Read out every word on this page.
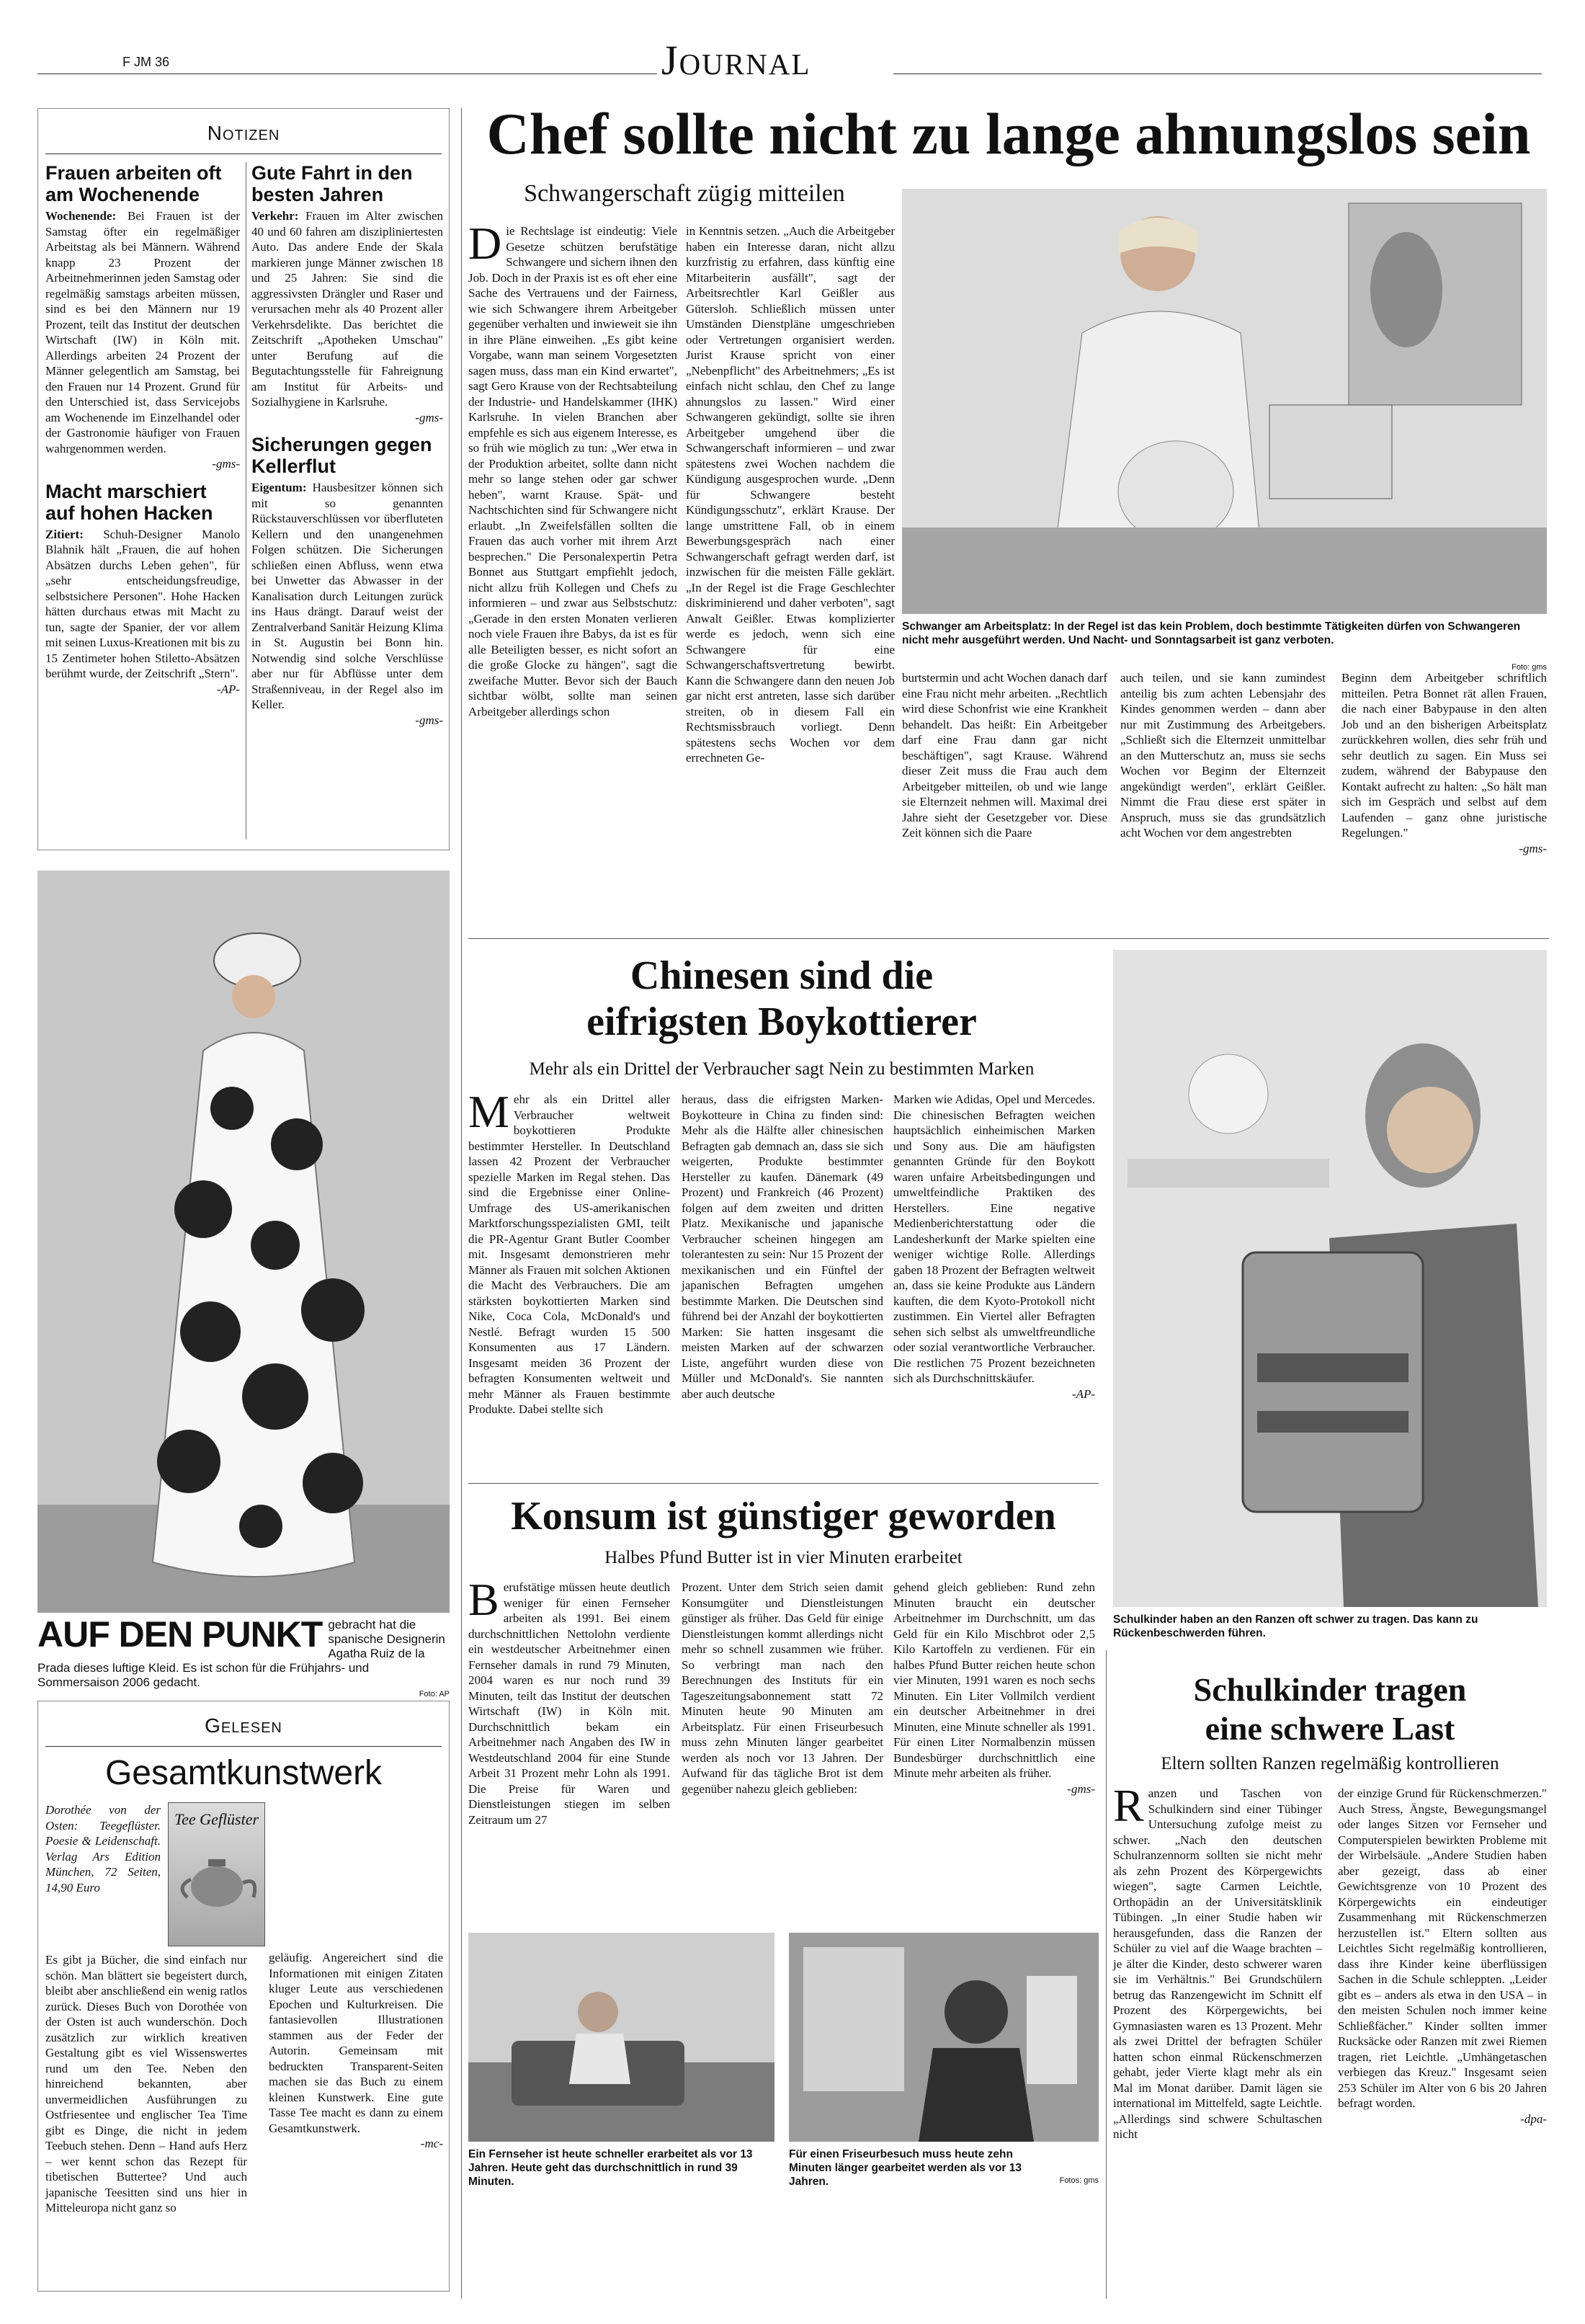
F JM 36	Journal
Notizen
Frauen arbeiten oft am Wochenende

Wochenende: Bei Frauen ist der Samstag öfter ein regelmäßiger Arbeitstag als bei Männern. Während knapp 23 Prozent der Arbeitnehmerinnen jeden Samstag oder regelmäßig samstags arbeiten müssen, sind es bei den Männern nur 19 Prozent, teilt das Institut der deutschen Wirtschaft (IW) in Köln mit. Allerdings arbeiten 24 Prozent der Männer gelegentlich am Samstag, bei den Frauen nur 14 Prozent. Grund für den Unterschied ist, dass Servicejobs am Wochenende im Einzelhandel oder der Gastronomie häufiger von Frauen wahrgenommen werden.

-gms-
Macht marschiert auf hohen Hacken

Zitiert: Schuh-Designer Manolo Blahnik hält „Frauen, die auf hohen Absätzen durchs Leben gehen", für „sehr entscheidungsfreudige, selbstsichere Personen". Hohe Hacken hätten durchaus etwas mit Macht zu tun, sagte der Spanier, der vor allem mit seinen Luxus-Kreationen mit bis zu 15 Zentimeter hohen Stiletto-Absätzen berühmt wurde, der Zeitschrift „Stern".

-AP-
Gute Fahrt in den besten Jahren

Verkehr: Frauen im Alter zwischen 40 und 60 fahren am diszipliniertesten Auto. Das andere Ende der Skala markieren junge Männer zwischen 18 und 25 Jahren: Sie sind die aggressivsten Drängler und Raser und verursachen mehr als 40 Prozent aller Verkehrsdelikte. Das berichtet die Zeitschrift „Apotheken Umschau" unter Berufung auf die Begutachtungsstelle für Fahreignung am Institut für Arbeits- und Sozialhygiene in Karlsruhe.

-gms-
Sicherungen gegen Kellerflut

Eigentum: Hausbesitzer können sich mit so genannten Rückstauverschlüssen vor überfluteten Kellern und den unangenehmen Folgen schützen. Die Sicherungen schließen einen Abfluss, wenn etwa bei Unwetter das Abwasser in der Kanalisation durch Leitungen zurück ins Haus drängt. Darauf weist der Zentralverband Sanitär Heizung Klima in St. Augustin bei Bonn hin. Notwendig sind solche Verschlüsse aber nur für Abflüsse unter dem Straßenniveau, in der Regel also im Keller.

-gms-
AUF DEN PUNKT gebracht hat die spanische Designerin Agatha Ruiz de la Prada dieses luftige Kleid. Es ist schon für die Frühjahrs- und Sommersaison 2006 gedacht.
Foto: AP
Gelesen
Gesamtkunstwerk

Dorothée von der Osten: Teegeflüster. Poesie & Leidenschaft. Verlag Ars Edition München, 72 Seiten, 14,90 Euro

Tee Geflüster

Es gibt ja Bücher, die sind einfach nur schön. Man blättert sie begeistert durch, bleibt aber anschließend ein wenig ratlos zurück. Dieses Buch von Dorothée von der Osten ist auch wunderschön. Doch zusätzlich zur wirklich kreativen Gestaltung gibt es viel Wissenswertes rund um den Tee. Neben den hinreichend bekannten, aber unvermeidlichen Ausführungen zu Ostfriesentee und englischer Tea Time gibt es Dinge, die nicht in jedem Teebuch stehen. Denn – Hand aufs Herz – wer kennt schon das Rezept für tibetischen Buttertee? Und auch japanische Teesitten sind uns hier in Mitteleuropa nicht ganz so

geläufig. Angereichert sind die Informationen mit einigen Zitaten kluger Leute aus verschiedenen Epochen und Kulturkreisen. Die fantasievollen Illustrationen stammen aus der Feder der Autorin. Gemeinsam mit bedruckten Transparent-Seiten machen sie das Buch zu einem kleinen Kunstwerk. Eine gute Tasse Tee macht es dann zu einem Gesamtkunstwerk.

-mc-
Chef sollte nicht zu lange ahnungslos sein
Schwangerschaft zügig mitteilen

Die Rechtslage ist eindeutig: Viele Gesetze schützen berufstätige Schwangere und sichern ihnen den Job. Doch in der Praxis ist es oft eher eine Sache des Vertrauens und der Fairness, wie sich Schwangere ihrem Arbeitgeber gegenüber verhalten und inwieweit sie ihn in ihre Pläne einweihen. „Es gibt keine Vorgabe, wann man seinem Vorgesetzten sagen muss, dass man ein Kind erwartet", sagt Gero Krause von der Rechtsabteilung der Industrie- und Handelskammer (IHK) Karlsruhe. In vielen Branchen aber empfehle es sich aus eigenem Interesse, es so früh wie möglich zu tun: „Wer etwa in der Produktion arbeitet, sollte dann nicht mehr so lange stehen oder gar schwer heben", warnt Krause. Spät- und Nachtschichten sind für Schwangere nicht erlaubt. „In Zweifelsfällen sollten die Frauen das auch vorher mit ihrem Arzt besprechen." Die Personalexpertin Petra Bonnet aus Stuttgart empfiehlt jedoch, nicht allzu früh Kollegen und Chefs zu informieren – und zwar aus Selbstschutz: „Gerade in den ersten Monaten verlieren noch viele Frauen ihre Babys, da ist es für alle Beteiligten besser, es nicht sofort an die große Glocke zu hängen", sagt die zweifache Mutter. Bevor sich der Bauch sichtbar wölbt, sollte man seinen Arbeitgeber allerdings schon

in Kenntnis setzen. „Auch die Arbeitgeber haben ein Interesse daran, nicht allzu kurzfristig zu erfahren, dass künftig eine Mitarbeiterin ausfällt", sagt der Arbeitsrechtler Karl Geißler aus Gütersloh. Schließlich müssen unter Umständen Dienstpläne umgeschrieben oder Vertretungen organisiert werden. Jurist Krause spricht von einer „Nebenpflicht" des Arbeitnehmers; „Es ist einfach nicht schlau, den Chef zu lange ahnungslos zu lassen." Wird einer Schwangeren gekündigt, sollte sie ihren Arbeitgeber umgehend über die Schwangerschaft informieren – und zwar spätestens zwei Wochen nachdem die Kündigung ausgesprochen wurde. „Denn für Schwangere besteht Kündigungsschutz", erklärt Krause. Der lange umstrittene Fall, ob in einem Bewerbungsgespräch nach einer Schwangerschaft gefragt werden darf, ist inzwischen für die meisten Fälle geklärt. „In der Regel ist die Frage Geschlechter diskriminierend und daher verboten", sagt Anwalt Geißler. Etwas komplizierter werde es jedoch, wenn sich eine Schwangere für eine Schwangerschaftsvertretung bewirbt. Kann die Schwangere dann den neuen Job gar nicht erst antreten, lasse sich darüber streiten, ob in diesem Fall ein Rechtsmissbrauch vorliegt. Denn spätestens sechs Wochen vor dem errechneten Ge-

Schwanger am Arbeitsplatz: In der Regel ist das kein Problem, doch bestimmte Tätigkeiten dürfen von Schwangeren nicht mehr ausgeführt werden. Und Nacht- und Sonntagsarbeit ist ganz verboten.
Foto: gms

burtstermin und acht Wochen danach darf eine Frau nicht mehr arbeiten. „Rechtlich wird diese Schonfrist wie eine Krankheit behandelt. Das heißt: Ein Arbeitgeber darf eine Frau dann gar nicht beschäftigen", sagt Krause. Während dieser Zeit muss die Frau auch dem Arbeitgeber mitteilen, ob und wie lange sie Elternzeit nehmen will. Maximal drei Jahre sieht der Gesetzgeber vor. Diese Zeit können sich die Paare

auch teilen, und sie kann zumindest anteilig bis zum achten Lebensjahr des Kindes genommen werden – dann aber nur mit Zustimmung des Arbeitgebers. „Schließt sich die Elternzeit unmittelbar an den Mutterschutz an, muss sie sechs Wochen vor Beginn der Elternzeit angekündigt werden", erklärt Geißler. Nimmt die Frau diese erst später in Anspruch, muss sie das grundsätzlich acht Wochen vor dem angestrebten

Beginn dem Arbeitgeber schriftlich mitteilen. Petra Bonnet rät allen Frauen, die nach einer Babypause in den alten Job und an den bisherigen Arbeitsplatz zurückkehren wollen, dies sehr früh und sehr deutlich zu sagen. Ein Muss sei zudem, während der Babypause den Kontakt aufrecht zu halten: „So hält man sich im Gespräch und selbst auf dem Laufenden – ganz ohne juristische Regelungen."

-gms-
Chinesen sind die
eifrigsten Boykottierer
Mehr als ein Drittel der Verbraucher sagt Nein zu bestimmten Marken

Mehr als ein Drittel aller Verbraucher weltweit boykottieren Produkte bestimmter Hersteller. In Deutschland lassen 42 Prozent der Verbraucher spezielle Marken im Regal stehen. Das sind die Ergebnisse einer Online-Umfrage des US-amerikanischen Marktforschungsspezialisten GMI, teilt die PR-Agentur Grant Butler Coomber mit. Insgesamt demonstrieren mehr Männer als Frauen mit solchen Aktionen die Macht des Verbrauchers. Die am stärksten boykottierten Marken sind Nike, Coca Cola, McDonald's und Nestlé. Befragt wurden 15 500 Konsumenten aus 17 Ländern. Insgesamt meiden 36 Prozent der befragten Konsumenten weltweit und mehr Männer als Frauen bestimmte Produkte. Dabei stellte sich

heraus, dass die eifrigsten Marken-Boykotteure in China zu finden sind: Mehr als die Hälfte aller chinesischen Befragten gab demnach an, dass sie sich weigerten, Produkte bestimmter Hersteller zu kaufen. Dänemark (49 Prozent) und Frankreich (46 Prozent) folgen auf dem zweiten und dritten Platz. Mexikanische und japanische Verbraucher scheinen hingegen am tolerantesten zu sein: Nur 15 Prozent der mexikanischen und ein Fünftel der japanischen Befragten umgehen bestimmte Marken. Die Deutschen sind führend bei der Anzahl der boykottierten Marken: Sie hatten insgesamt die meisten Marken auf der schwarzen Liste, angeführt wurden diese von Müller und McDonald's. Sie nannten aber auch deutsche

Marken wie Adidas, Opel und Mercedes. Die chinesischen Befragten weichen hauptsächlich einheimischen Marken und Sony aus. Die am häufigsten genannten Gründe für den Boykott waren unfaire Arbeitsbedingungen und umweltfeindliche Praktiken des Herstellers. Eine negative Medienberichterstattung oder die Landesherkunft der Marke spielten eine weniger wichtige Rolle. Allerdings gaben 18 Prozent der Befragten weltweit an, dass sie keine Produkte aus Ländern kauften, die dem Kyoto-Protokoll nicht zustimmen. Ein Viertel aller Befragten sehen sich selbst als umweltfreundliche oder sozial verantwortliche Verbraucher. Die restlichen 75 Prozent bezeichneten sich als Durchschnittskäufer.

-AP-
Schulkinder haben an den Ranzen oft schwer zu tragen. Das kann zu Rückenbeschwerden führen.
Konsum ist günstiger geworden
Halbes Pfund Butter ist in vier Minuten erarbeitet

Berufstätige müssen heute deutlich weniger für einen Fernseher arbeiten als 1991. Bei einem durchschnittlichen Nettolohn verdiente ein westdeutscher Arbeitnehmer einen Fernseher damals in rund 79 Minuten, 2004 waren es nur noch rund 39 Minuten, teilt das Institut der deutschen Wirtschaft (IW) in Köln mit. Durchschnittlich bekam ein Arbeitnehmer nach Angaben des IW in Westdeutschland 2004 für eine Stunde Arbeit 31 Prozent mehr Lohn als 1991. Die Preise für Waren und Dienstleistungen stiegen im selben Zeitraum um 27

Prozent. Unter dem Strich seien damit Konsumgüter und Dienstleistungen günstiger als früher. Das Geld für einige Dienstleistungen kommt allerdings nicht mehr so schnell zusammen wie früher. So verbringt man nach den Berechnungen des Instituts für ein Tageszeitungsabonnement statt 72 Minuten heute 90 Minuten am Arbeitsplatz. Für einen Friseurbesuch muss zehn Minuten länger gearbeitet werden als noch vor 13 Jahren. Der Aufwand für das tägliche Brot ist dem gegenüber nahezu gleich geblieben:

gehend gleich geblieben: Rund zehn Minuten braucht ein deutscher Arbeitnehmer im Durchschnitt, um das Geld für ein Kilo Mischbrot oder 2,5 Kilo Kartoffeln zu verdienen. Für ein halbes Pfund Butter reichen heute schon vier Minuten, 1991 waren es noch sechs Minuten. Ein Liter Vollmilch verdient ein deutscher Arbeitnehmer in drei Minuten, eine Minute schneller als 1991. Für einen Liter Normalbenzin müssen Bundesbürger durchschnittlich eine Minute mehr arbeiten als früher.

-gms-
Ein Fernseher ist heute schneller erarbeitet als vor 13 Jahren. Heute geht das durchschnittlich in rund 39 Minuten.
Für einen Friseurbesuch muss heute zehn Minuten länger gearbeitet werden als vor 13 Jahren.	Fotos: gms
Schulkinder tragen
eine schwere Last
Eltern sollten Ranzen regelmäßig kontrollieren

Ranzen und Taschen von Schulkindern sind einer Tübinger Untersuchung zufolge meist zu schwer. „Nach den deutschen Schulranzennorm sollten sie nicht mehr als zehn Prozent des Körpergewichts wiegen", sagte Carmen Leichtle, Orthopädin an der Universitätsklinik Tübingen. „In einer Studie haben wir herausgefunden, dass die Ranzen der Schüler zu viel auf die Waage brachten – je älter die Kinder, desto schwerer waren sie im Verhältnis." Bei Grundschülern betrug das Ranzengewicht im Schnitt elf Prozent des Körpergewichts, bei Gymnasiasten waren es 13 Prozent. Mehr als zwei Drittel der befragten Schüler hatten schon einmal Rückenschmerzen gehabt, jeder Vierte klagt mehr als ein Mal im Monat darüber. Damit lägen sie international im Mittelfeld, sagte Leichtle. „Allerdings sind schwere Schultaschen nicht

der einzige Grund für Rückenschmerzen." Auch Stress, Ängste, Bewegungsmangel oder langes Sitzen vor Fernseher und Computerspielen bewirkten Probleme mit der Wirbelsäule. „Andere Studien haben aber gezeigt, dass ab einer Gewichtsgrenze von 10 Prozent des Körpergewichts ein eindeutiger Zusammenhang mit Rückenschmerzen herzustellen ist." Eltern sollten aus Leichtles Sicht regelmäßig kontrollieren, dass ihre Kinder keine überflüssigen Sachen in die Schule schleppten. „Leider gibt es – anders als etwa in den USA – in den meisten Schulen noch immer keine Schließfächer." Kinder sollten immer Rucksäcke oder Ranzen mit zwei Riemen tragen, riet Leichtle. „Umhängetaschen verbiegen das Kreuz." Insgesamt seien 253 Schüler im Alter von 6 bis 20 Jahren befragt worden.

-dpa-
